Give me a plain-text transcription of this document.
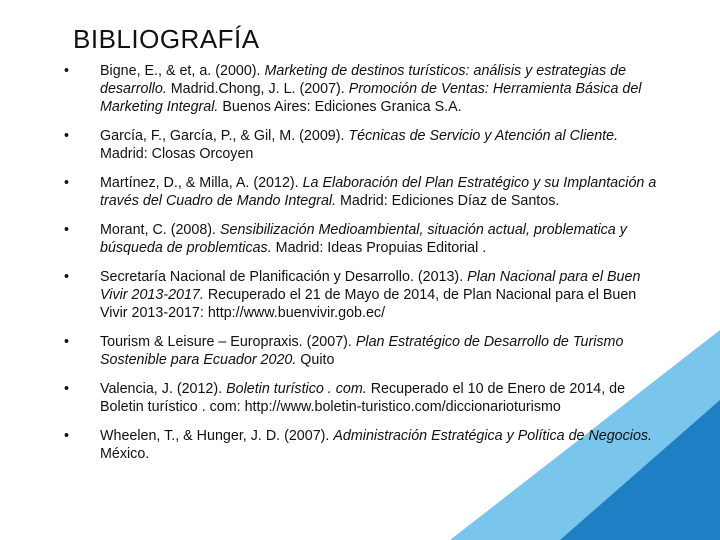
BIBLIOGRAFÍA
• Bigne, E., & et, a. (2000). Marketing de destinos turísticos: análisis y estrategias de desarrollo. Madrid.Chong, J. L. (2007). Promoción de Ventas: Herramienta Básica del Marketing Integral. Buenos Aires: Ediciones Granica S.A.
• García, F., García, P., & Gil, M. (2009). Técnicas de Servicio y Atención al Cliente. Madrid: Closas Orcoyen
• Martínez, D., & Milla, A. (2012). La Elaboración del Plan Estratégico y su Implantación a través del Cuadro de Mando Integral. Madrid: Ediciones Díaz de Santos.
• Morant, C. (2008). Sensibilización Medioambiental, situación actual, problematica y búsqueda de problemticas. Madrid: Ideas Propuias Editorial .
• Secretaría Nacional de Planificación y Desarrollo. (2013). Plan Nacional para el Buen Vivir 2013-2017. Recuperado el 21 de Mayo de 2014, de Plan Nacional para el Buen Vivir 2013-2017: http://www.buenvivir.gob.ec/
• Tourism & Leisure – Europraxis. (2007). Plan Estratégico de Desarrollo de Turismo Sostenible para Ecuador 2020. Quito
• Valencia, J. (2012). Boletin turístico . com. Recuperado el 10 de Enero de 2014, de Boletin turístico . com: http://www.boletin-turistico.com/diccionarioturismo
• Wheelen, T., & Hunger, J. D. (2007). Administración Estratégica y Política de Negocios. México.
